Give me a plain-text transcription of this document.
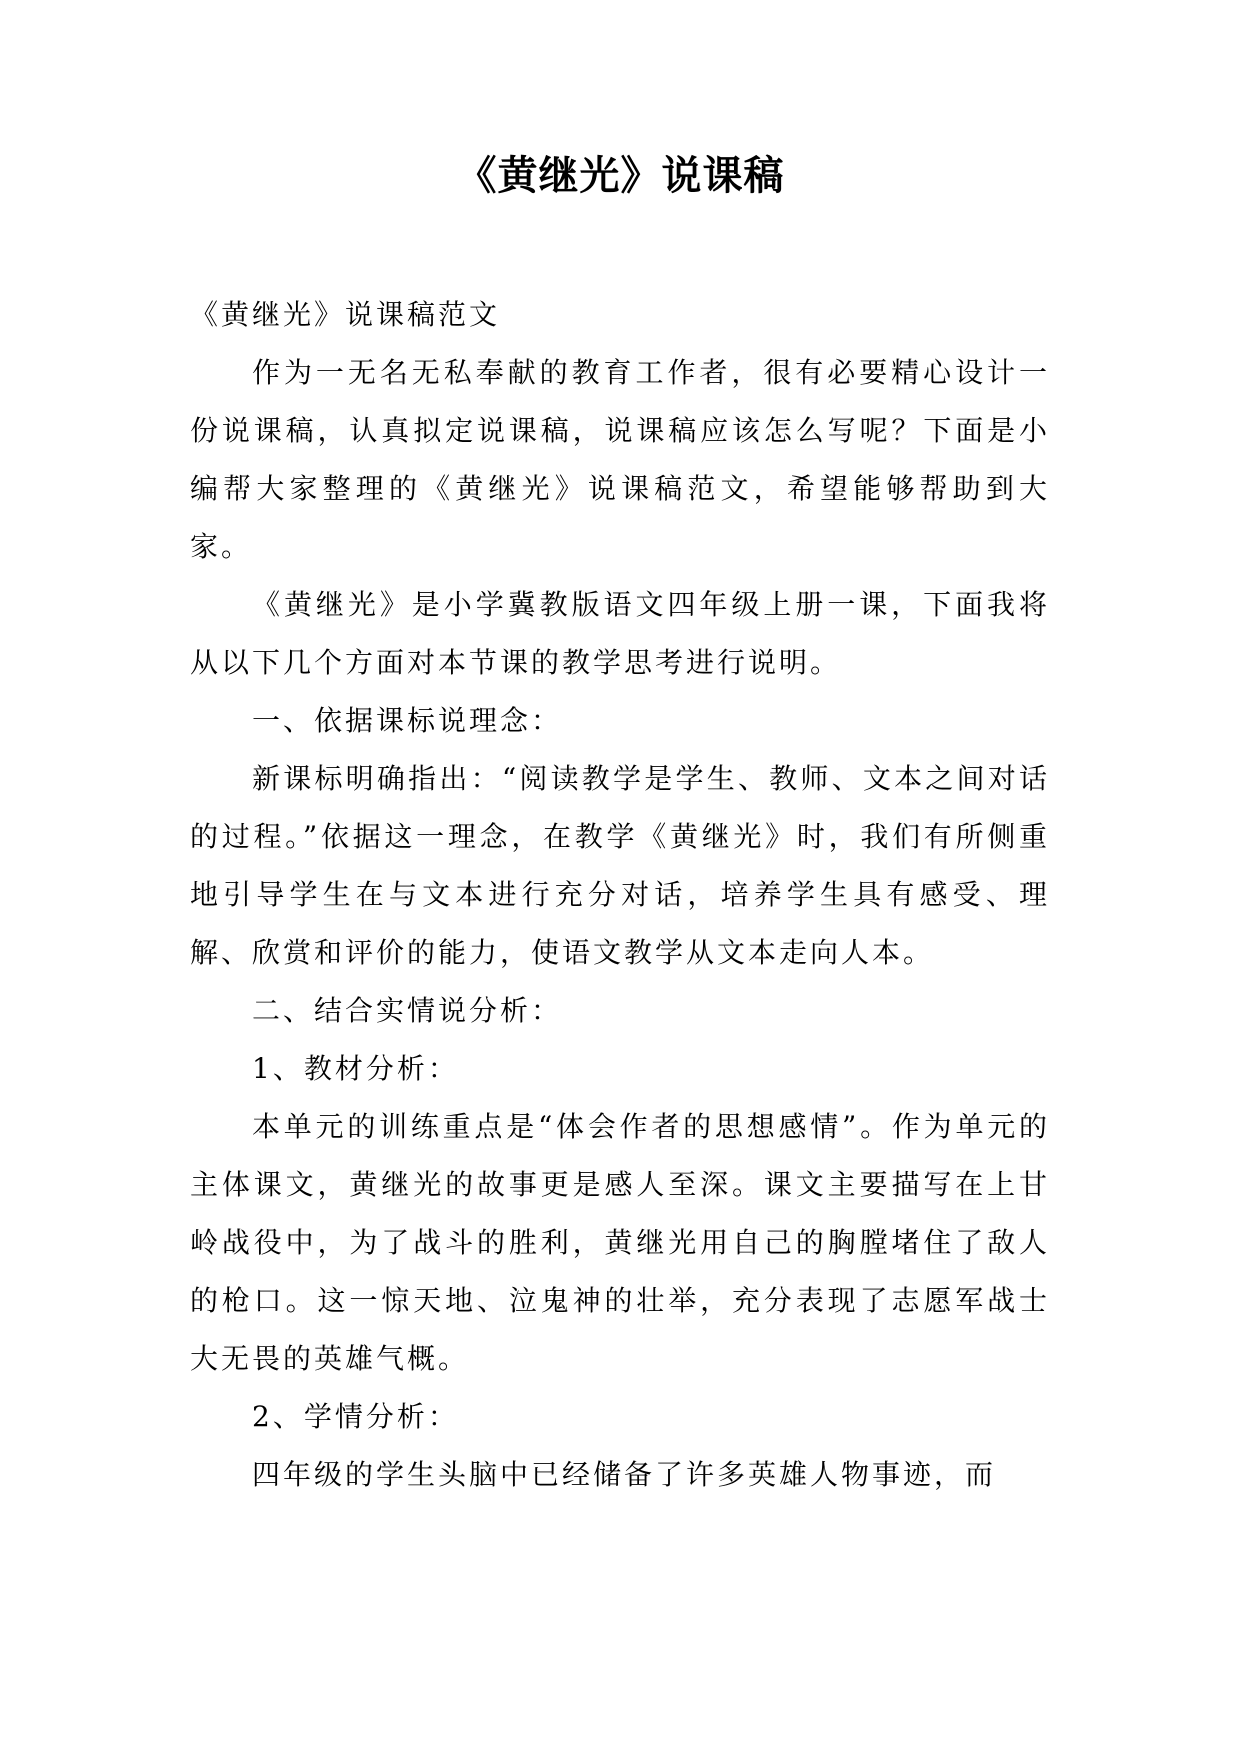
《黄继光》说课稿

《黄继光》说课稿范文

作为一无名无私奉献的教育工作者，很有必要精心设计一份说课稿，认真拟定说课稿，说课稿应该怎么写呢？下面是小编帮大家整理的《黄继光》说课稿范文，希望能够帮助到大家。

《黄继光》是小学冀教版语文四年级上册一课，下面我将从以下几个方面对本节课的教学思考进行说明。

一、依据课标说理念：

新课标明确指出：“阅读教学是学生、教师、文本之间对话的过程。”依据这一理念，在教学《黄继光》时，我们有所侧重地引导学生在与文本进行充分对话，培养学生具有感受、理解、欣赏和评价的能力，使语文教学从文本走向人本。

二、结合实情说分析：

1、教材分析：

本单元的训练重点是“体会作者的思想感情”。作为单元的主体课文，黄继光的故事更是感人至深。课文主要描写在上甘岭战役中，为了战斗的胜利，黄继光用自己的胸膛堵住了敌人的枪口。这一惊天地、泣鬼神的壮举，充分表现了志愿军战士大无畏的英雄气概。

2、学情分析：

四年级的学生头脑中已经储备了许多英雄人物事迹，而
